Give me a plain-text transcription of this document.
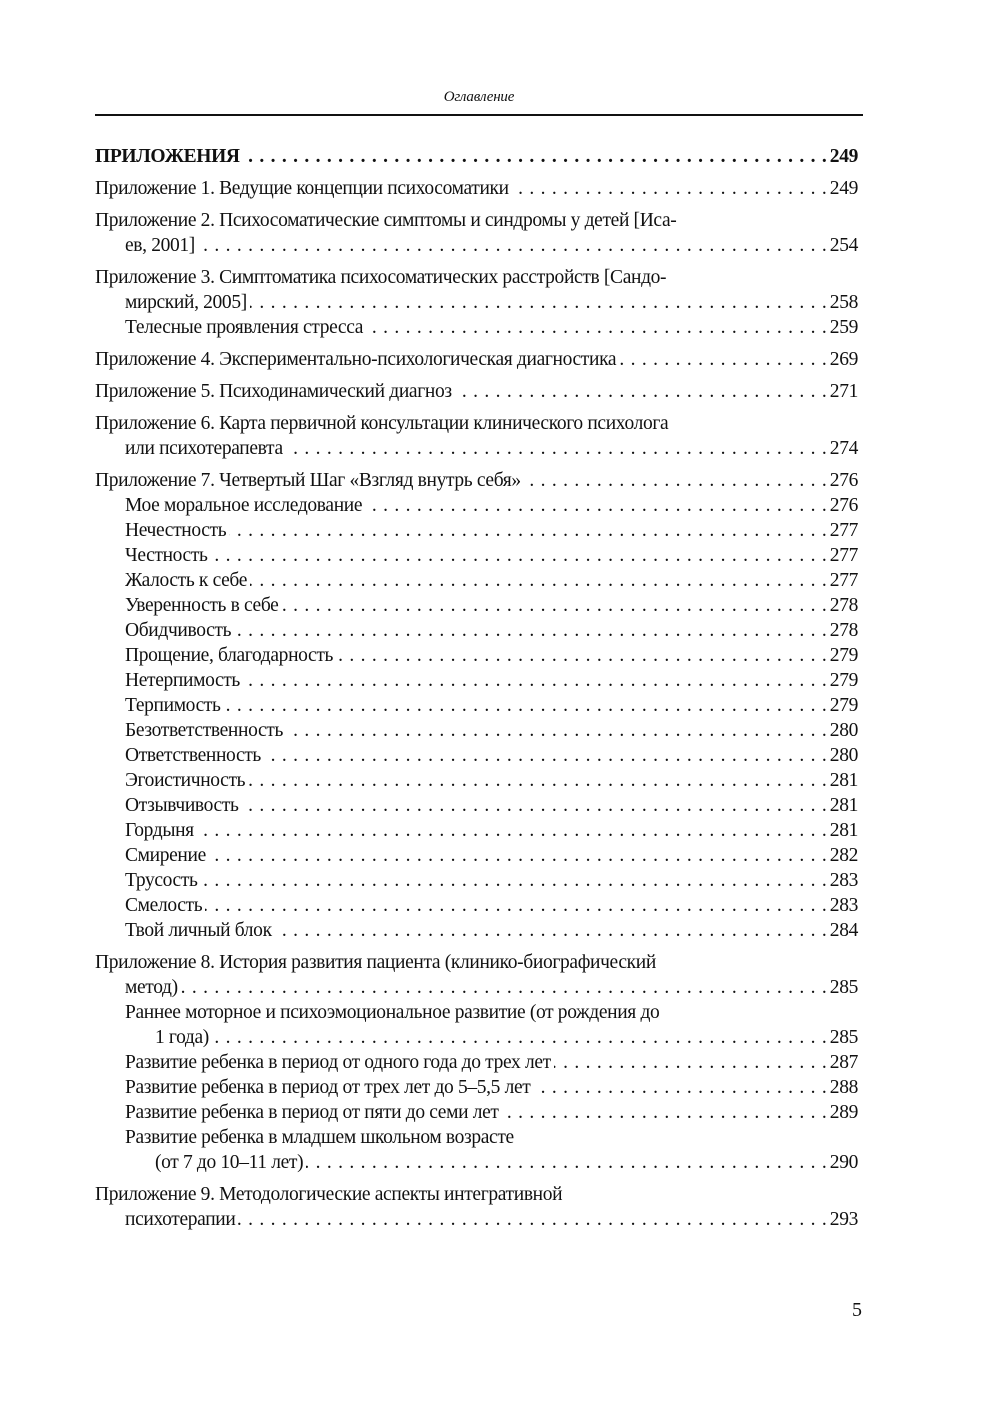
Оглавление
ПРИЛОЖЕНИЯ . . .	249
Приложение 1. Ведущие концепции психосоматики . . .	249
Приложение 2. Психосоматические симптомы и синдромы у детей [Иса-
ев, 2001] . . .	254
Приложение 3. Симптоматика психосоматических расстройств [Сандо-
мирский, 2005] . . .	258
Телесные проявления стресса . . .	259
Приложение 4. Экспериментально-психологическая диагностика . . .	269
Приложение 5. Психодинамический диагноз . . .	271
Приложение 6. Карта первичной консультации клинического психолога
или психотерапевта . . .	274
Приложение 7. Четвертый Шаг «Взгляд внутрь себя» . . .	276
Мое моральное исследование . . .	276
Нечестность . . .	277
Честность . . .	277
Жалость к себе . . .	277
Уверенность в себе . . .	278
Обидчивость . . .	278
Прощение, благодарность . . .	279
Нетерпимость . . .	279
Терпимость . . .	279
Безответственность . . .	280
Ответственность . . .	280
Эгоистичность . . .	281
Отзывчивость . . .	281
Гордыня . . .	281
Смирение . . .	282
Трусость . . .	283
Смелость . . .	283
Твой личный блок . . .	284
Приложение 8. История развития пациента (клинико-биографический
метод) . . .	285
Раннее моторное и психоэмоциональное развитие (от рождения до
1 года) . . .	285
Развитие ребенка в период от одного года до трех лет . . .	287
Развитие ребенка в период от трех лет до 5–5,5 лет . . .	288
Развитие ребенка в период от пяти до семи лет . . .	289
Развитие ребенка в младшем школьном возрасте
(от 7 до 10–11 лет) . . .	290
Приложение 9. Методологические аспекты интегративной
психотерапии . . .	293
5
